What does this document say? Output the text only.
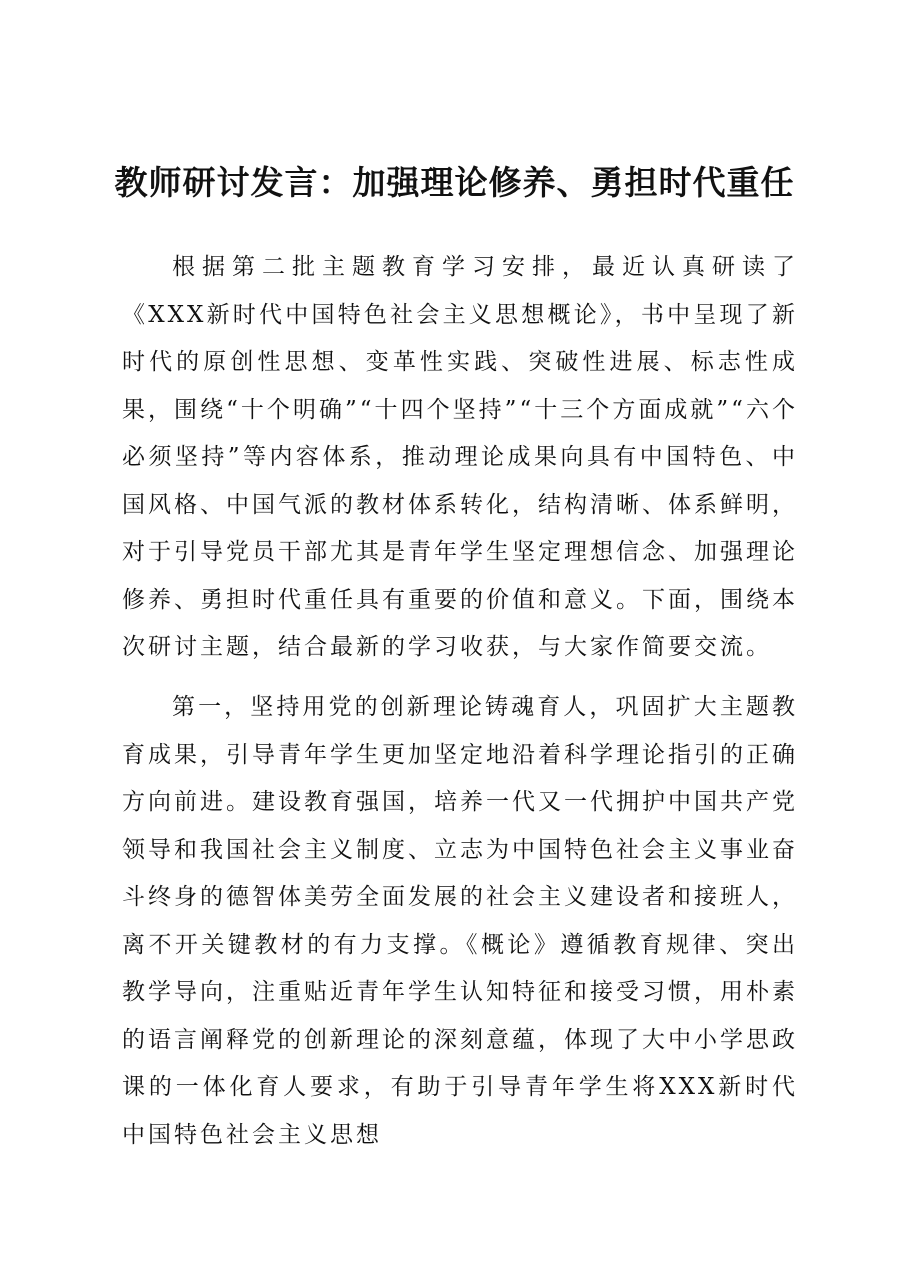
教师研讨发言：加强理论修养、勇担时代重任

根据第二批主题教育学习安排，最近认真研读了《XXX新时代中国特色社会主义思想概论》，书中呈现了新时代的原创性思想、变革性实践、突破性进展、标志性成果，围绕“十个明确”“十四个坚持”“十三个方面成就”“六个必须坚持”等内容体系，推动理论成果向具有中国特色、中国风格、中国气派的教材体系转化，结构清晰、体系鲜明，对于引导党员干部尤其是青年学生坚定理想信念、加强理论修养、勇担时代重任具有重要的价值和意义。下面，围绕本次研讨主题，结合最新的学习收获，与大家作简要交流。

第一，坚持用党的创新理论铸魂育人，巩固扩大主题教育成果，引导青年学生更加坚定地沿着科学理论指引的正确方向前进。建设教育强国，培养一代又一代拥护中国共产党领导和我国社会主义制度、立志为中国特色社会主义事业奋斗终身的德智体美劳全面发展的社会主义建设者和接班人，离不开关键教材的有力支撑。《概论》遵循教育规律、突出教学导向，注重贴近青年学生认知特征和接受习惯，用朴素的语言阐释党的创新理论的深刻意蕴，体现了大中小学思政课的一体化育人要求，有助于引导青年学生将XXX新时代中国特色社会主义思想
